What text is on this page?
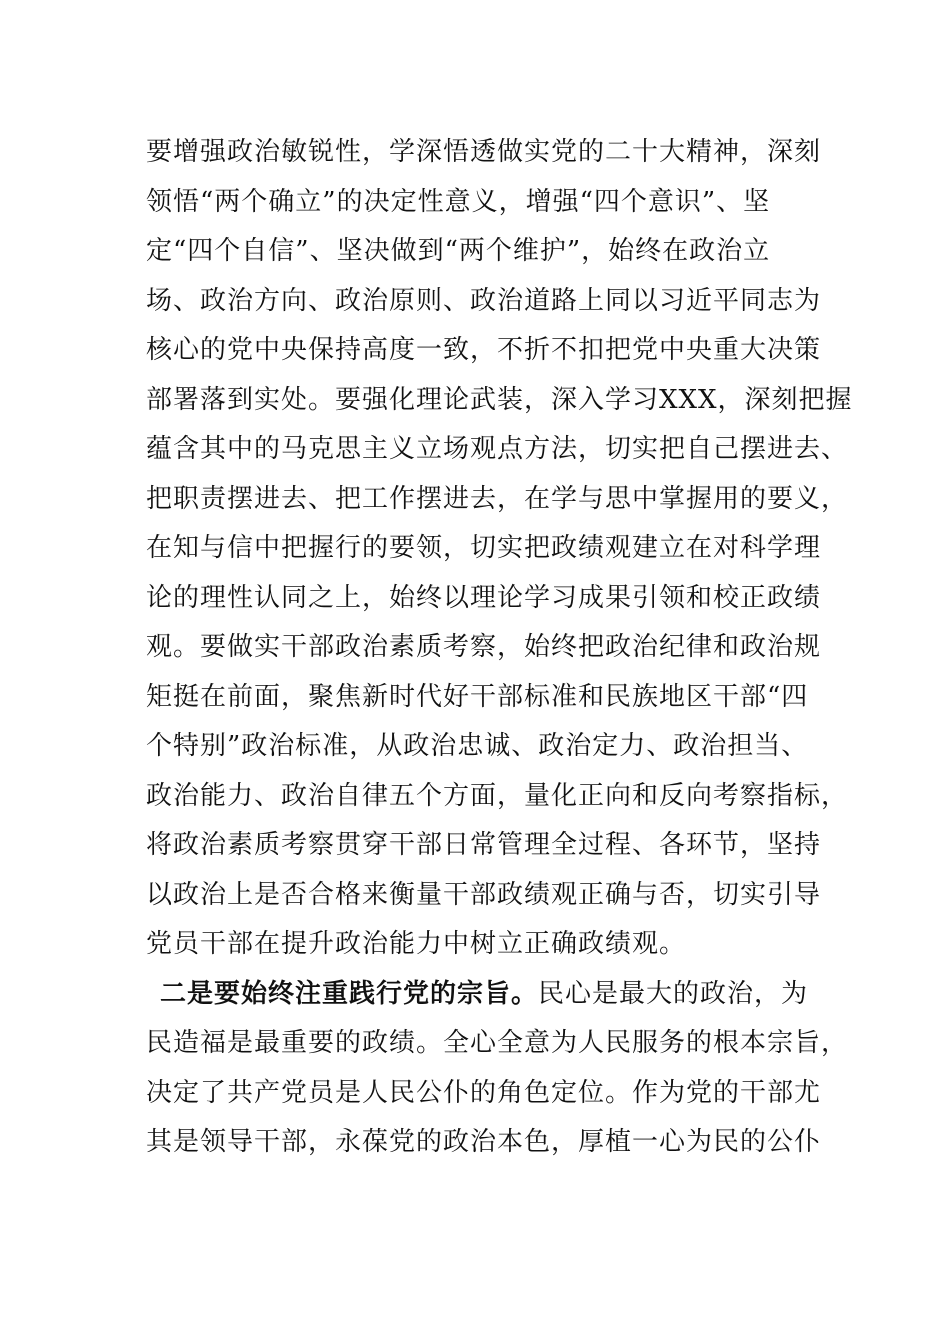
要增强政治敏锐性，学深悟透做实党的二十大精神，深刻
领悟“两个确立”的决定性意义，增强“四个意识”、坚
定“四个自信”、坚决做到“两个维护”，始终在政治立
场、政治方向、政治原则、政治道路上同以习近平同志为
核心的党中央保持高度一致，不折不扣把党中央重大决策
部署落到实处。要强化理论武装，深入学习XXX，深刻把握
蕴含其中的马克思主义立场观点方法，切实把自己摆进去、
把职责摆进去、把工作摆进去，在学与思中掌握用的要义，
在知与信中把握行的要领，切实把政绩观建立在对科学理
论的理性认同之上，始终以理论学习成果引领和校正政绩
观。要做实干部政治素质考察，始终把政治纪律和政治规
矩挺在前面，聚焦新时代好干部标准和民族地区干部“四
个特别”政治标准，从政治忠诚、政治定力、政治担当、
政治能力、政治自律五个方面，量化正向和反向考察指标，
将政治素质考察贯穿干部日常管理全过程、各环节，坚持
以政治上是否合格来衡量干部政绩观正确与否，切实引导
党员干部在提升政治能力中树立正确政绩观。
二是要始终注重践行党的宗旨。民心是最大的政治，为
民造福是最重要的政绩。全心全意为人民服务的根本宗旨，
决定了共产党员是人民公仆的角色定位。作为党的干部尤
其是领导干部，永葆党的政治本色，厚植一心为民的公仆
